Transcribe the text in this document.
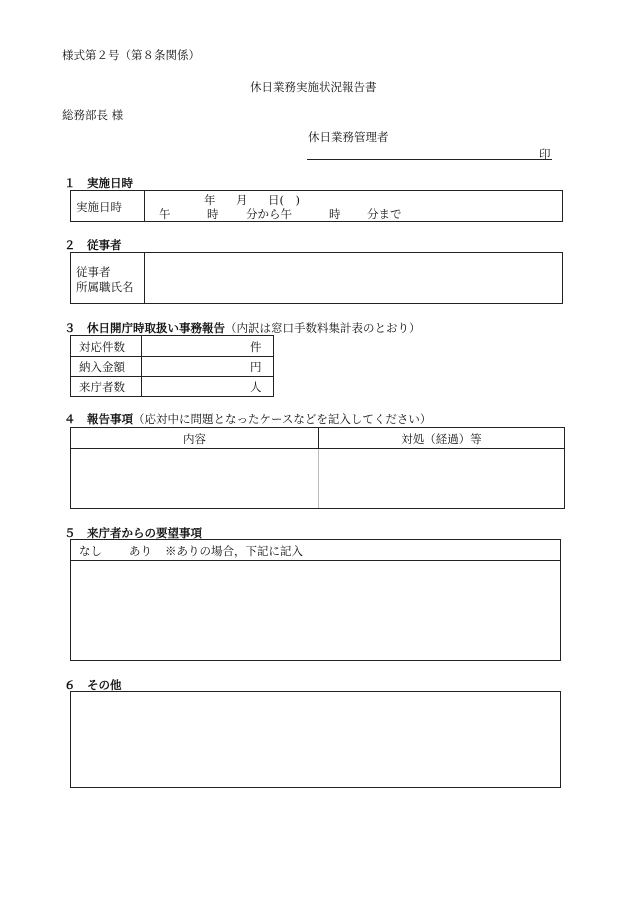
様式第２号（第８条関係）
休日業務実施状況報告書
総務部長 様
休日業務管理者
印
１　実施日時
実施日時	年 月 日(　)
午	時 分から午	時 分まで
２　従事者
従事者
所属職氏名
３　休日開庁時取扱い事務報告（内訳は窓口手数料集計表のとおり）
対応件数	件
納入金額	円
来庁者数	人
４　報告事項（応対中に問題となったケースなどを記入してください）
内容	対処（経過）等
５　来庁者からの要望事項
なし あり ※ありの場合，下記に記入
６　その他
